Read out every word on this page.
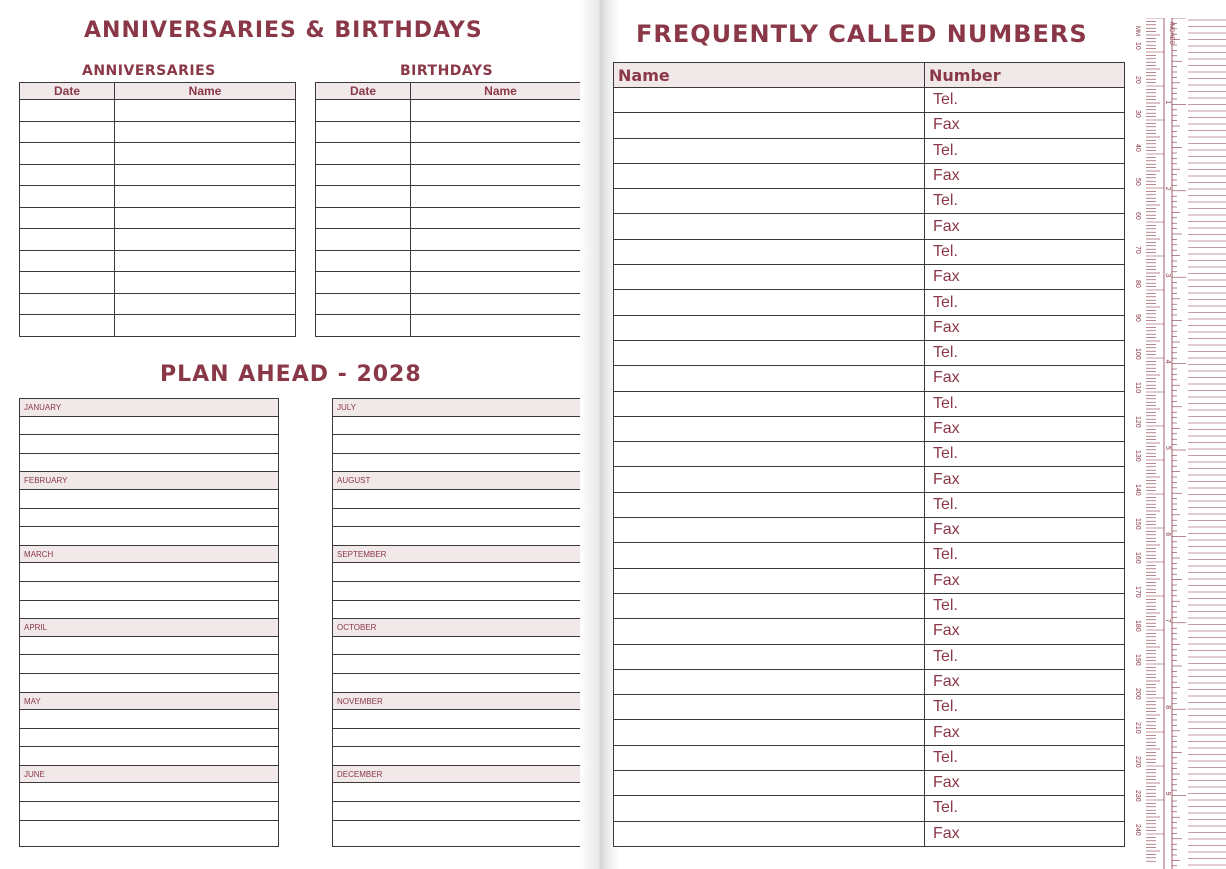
ANNIVERSARIES & BIRTHDAYS
ANNIVERSARIES	BIRTHDAYS
Date	Name

		Date	Name

PLAN AHEAD - 2028
JANUARY
FEBRUARY
MARCH
APRIL
MAY
JUNE
JULY
AUGUST
SEPTEMBER
OCTOBER
NOVEMBER
DECEMBER
FREQUENTLY CALLED NUMBERS
Name	Number
	Tel.
	Fax
	Tel.
	Fax
	Tel.
	Fax
	Tel.
	Fax
	Tel.
	Fax
	Tel.
	Fax
	Tel.
	Fax
	Tel.
	Fax
	Tel.
	Fax
	Tel.
	Fax
	Tel.
	Fax
	Tel.
	Fax
	Tel.
	Fax
	Tel.
	Fax
	Tel.
	Fax
MM	INCHES
10
20
30
40
50
60
70
80
90
100
110
120
130
140
150
160
170
180
190
200
210
220
230
240
1
2
3
4
5
6
7
8
9
